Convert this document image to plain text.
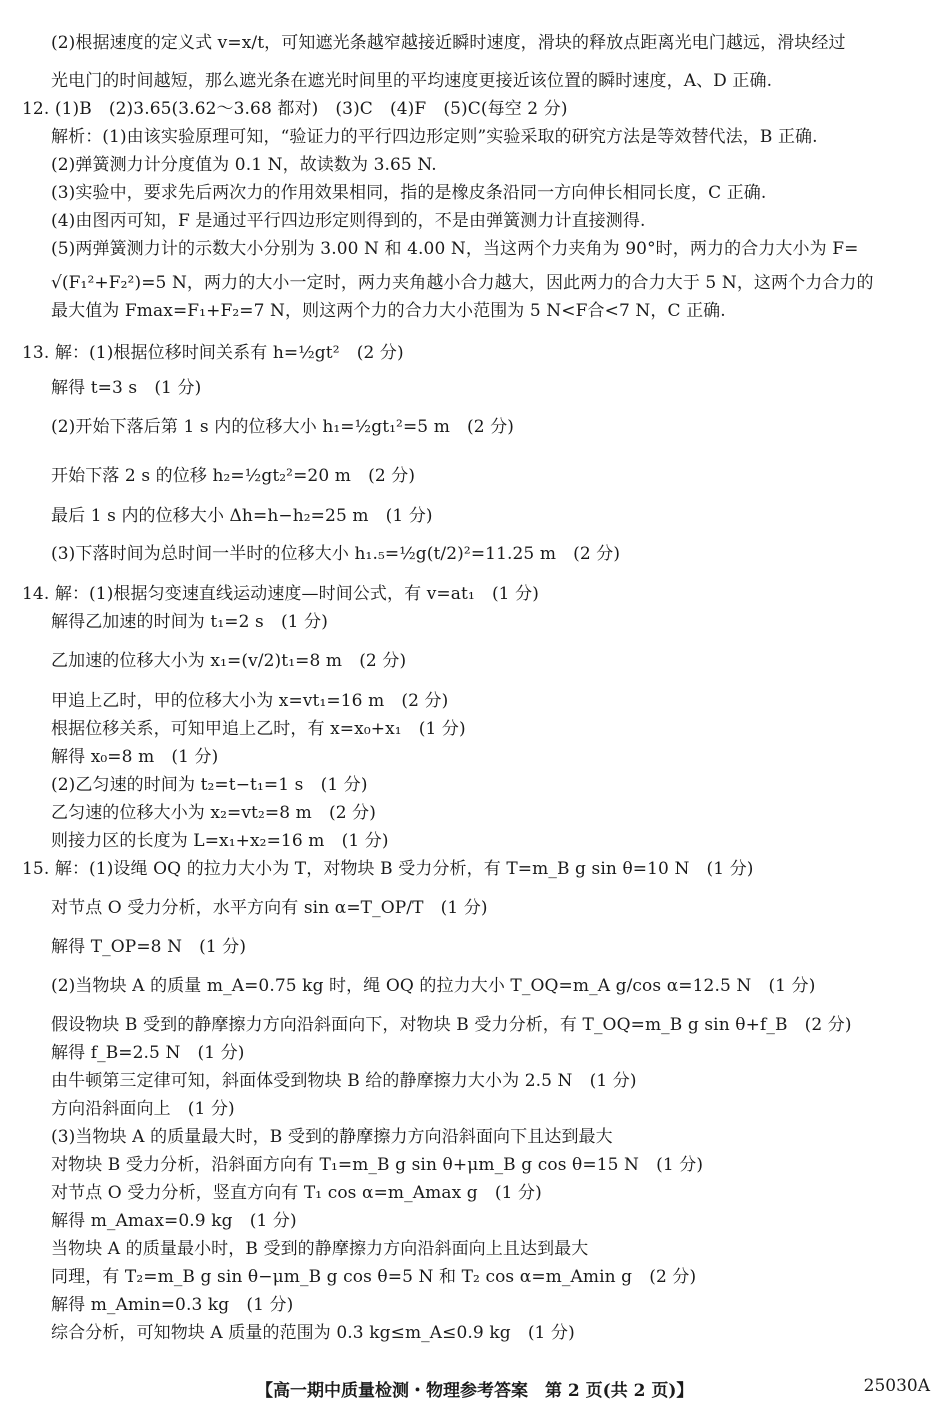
(2)根据速度的定义式 v=x/t，可知遮光条越窄越接近瞬时速度，滑块的释放点距离光电门越远，滑块经过
光电门的时间越短，那么遮光条在遮光时间里的平均速度更接近该位置的瞬时速度，A、D 正确.
12. (1)B　(2)3.65(3.62～3.68 都对)　(3)C　(4)F　(5)C(每空 2 分)
解析：(1)由该实验原理可知，“验证力的平行四边形定则”实验采取的研究方法是等效替代法，B 正确.
(2)弹簧测力计分度值为 0.1 N，故读数为 3.65 N.
(3)实验中，要求先后两次力的作用效果相同，指的是橡皮条沿同一方向伸长相同长度，C 正确.
(4)由图丙可知，F 是通过平行四边形定则得到的，不是由弹簧测力计直接测得.
(5)两弹簧测力计的示数大小分别为 3.00 N 和 4.00 N，当这两个力夹角为 90°时，两力的合力大小为 F=
√(F₁²+F₂²)=5 N，两力的大小一定时，两力夹角越小合力越大，因此两力的合力大于 5 N，这两个力合力的
最大值为 Fmax=F₁+F₂=7 N，则这两个力的合力大小范围为 5 N<F合<7 N，C 正确.
13. 解：(1)根据位移时间关系有 h=½gt²　(2 分)
解得 t=3 s　(1 分)
(2)开始下落后第 1 s 内的位移大小 h₁=½gt₁²=5 m　(2 分)
开始下落 2 s 的位移 h₂=½gt₂²=20 m　(2 分)
最后 1 s 内的位移大小 Δh=h−h₂=25 m　(1 分)
(3)下落时间为总时间一半时的位移大小 h₁.₅=½g(t/2)²=11.25 m　(2 分)
14. 解：(1)根据匀变速直线运动速度—时间公式，有 v=at₁　(1 分)
解得乙加速的时间为 t₁=2 s　(1 分)
乙加速的位移大小为 x₁=(v/2)t₁=8 m　(2 分)
甲追上乙时，甲的位移大小为 x=vt₁=16 m　(2 分)
根据位移关系，可知甲追上乙时，有 x=x₀+x₁　(1 分)
解得 x₀=8 m　(1 分)
(2)乙匀速的时间为 t₂=t−t₁=1 s　(1 分)
乙匀速的位移大小为 x₂=vt₂=8 m　(2 分)
则接力区的长度为 L=x₁+x₂=16 m　(1 分)
15. 解：(1)设绳 OQ 的拉力大小为 T，对物块 B 受力分析，有 T=m_B g sin θ=10 N　(1 分)
对节点 O 受力分析，水平方向有 sin α=T_OP/T　(1 分)
解得 T_OP=8 N　(1 分)
(2)当物块 A 的质量 m_A=0.75 kg 时，绳 OQ 的拉力大小 T_OQ=m_A g/cos α=12.5 N　(1 分)
假设物块 B 受到的静摩擦力方向沿斜面向下，对物块 B 受力分析，有 T_OQ=m_B g sin θ+f_B　(2 分)
解得 f_B=2.5 N　(1 分)
由牛顿第三定律可知，斜面体受到物块 B 给的静摩擦力大小为 2.5 N　(1 分)
方向沿斜面向上　(1 分)
(3)当物块 A 的质量最大时，B 受到的静摩擦力方向沿斜面向下且达到最大
对物块 B 受力分析，沿斜面方向有 T₁=m_B g sin θ+μm_B g cos θ=15 N　(1 分)
对节点 O 受力分析，竖直方向有 T₁ cos α=m_Amax g　(1 分)
解得 m_Amax=0.9 kg　(1 分)
当物块 A 的质量最小时，B 受到的静摩擦力方向沿斜面向上且达到最大
同理，有 T₂=m_B g sin θ−μm_B g cos θ=5 N 和 T₂ cos α=m_Amin g　(2 分)
解得 m_Amin=0.3 kg　(1 分)
综合分析，可知物块 A 质量的范围为 0.3 kg≤m_A≤0.9 kg　(1 分)
【高一期中质量检测・物理参考答案　第 2 页(共 2 页)】	25030A
